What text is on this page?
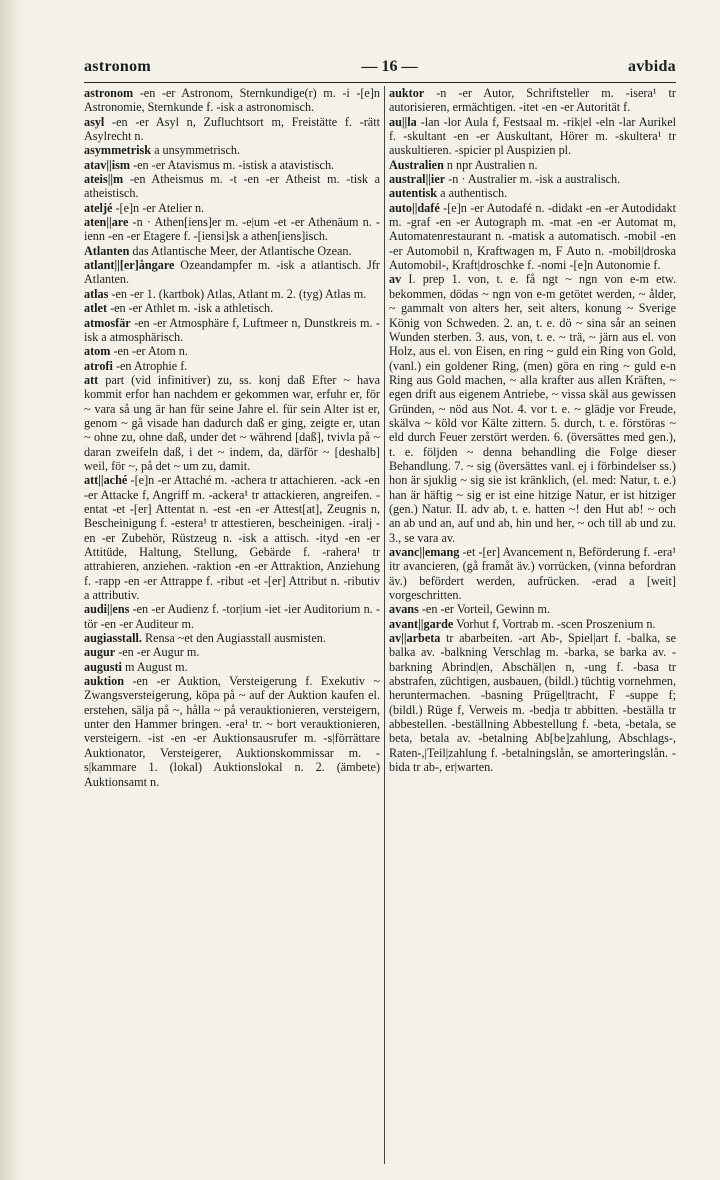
astronom	— 16 —	avbida

astronom -en -er Astronom, Sternkundige(r) m. -i -[e]n Astronomie, Sternkunde f. -isk a astronomisch.

asyl -en -er Asyl n, Zufluchtsort m, Freistätte f. -rätt Asylrecht n.

asymmetrisk a unsymmetrisch.

atav||ism -en -er Atavismus m. -istisk a atavistisch.

ateis||m -en Atheismus m. -t -en -er Atheist m. -tisk a atheistisch.

ateljé -[e]n -er Atelier n.

aten||are -n · Athen[iens]er m. -e|um -et -er Athenäum n. -ienn -en -er Etagere f. -[iensi]sk a athen[iens]isch.

Atlanten das Atlantische Meer, der Atlantische Ozean.

atlant||[er]ångare Ozeandampfer m. -isk a atlantisch. Jfr Atlanten.

atlas -en -er 1. (kartbok) Atlas, Atlant m. 2. (tyg) Atlas m.

atlet -en -er Athlet m. -isk a athletisch.

atmosfär -en -er Atmosphäre f, Luftmeer n, Dunstkreis m. -isk a atmosphärisch.

atom -en -er Atom n.

atrofi -en Atrophie f.

att part (vid infinitiver) zu, ss. konj daß Efter ~ hava kommit erfor han nachdem er gekommen war, erfuhr er, för ~ vara så ung är han für seine Jahre el. für sein Alter ist er, genom ~ gå visade han dadurch daß er ging, zeigte er, utan ~ ohne zu, ohne daß, under det ~ während [daß], tvivla på ~ daran zweifeln daß, i det ~ indem, da, därför ~ [deshalb] weil, för ~, på det ~ um zu, damit.

att||aché -[e]n -er Attaché m. -achera tr attachieren. -ack -en -er Attacke f, Angriff m. -ackera¹ tr attackieren, angreifen. -entat -et -[er] Attentat n. -est -en -er Attest[at], Zeugnis n, Bescheinigung f. -estera¹ tr attestieren, bescheinigen. -iralj -en -er Zubehör, Rüstzeug n. -isk a attisch. -ityd -en -er Attitüde, Haltung, Stellung, Gebärde f. -rahera¹ tr attrahieren, anziehen. -raktion -en -er Attraktion, Anziehung f. -rapp -en -er Attrappe f. -ribut -et -[er] Attribut n. -ributiv a attributiv.

audi||ens -en -er Audienz f. -tor|ium -iet -ier Auditorium n. -tör -en -er Auditeur m.

augiasstall. Rensa ~et den Augiasstall ausmisten.

augur -en -er Augur m.

augusti m August m.

auktion -en -er Auktion, Versteigerung f. Exekutiv ~ Zwangsversteigerung, köpa på ~ auf der Auktion kaufen el. erstehen, sälja på ~, hålla ~ på verauktionieren, versteigern, unter den Hammer bringen. -era¹ tr. ~ bort verauktionieren, versteigern. -ist -en -er Auktionsausrufer m. -s|förrättare Auktionator, Versteigerer, Auktionskommissar m. -s|kammare 1. (lokal) Auktionslokal n. 2. (ämbete) Auktionsamt n.

auktor -n -er Autor, Schriftsteller m. -isera¹ tr autorisieren, ermächtigen. -itet -en -er Autorität f.

au||la -lan -lor Aula f, Festsaal m. -rik|el -eln -lar Aurikel f. -skultant -en -er Auskultant, Hörer m. -skultera¹ tr auskultieren. -spicier pl Auspizien pl.

Australien n npr Australien n.

austral||ier -n · Australier m. -isk a australisch.

autentisk a authentisch.

auto||dafé -[e]n -er Autodafé n. -didakt -en -er Autodidakt m. -graf -en -er Autograph m. -mat -en -er Automat m, Automatenrestaurant n. -matisk a automatisch. -mobil -en -er Automobil n, Kraftwagen m, F Auto n. -mobil|droska Automobil-, Kraft|droschke f. -nomi -[e]n Autonomie f.

av I. prep 1. von, t. e. få ngt ~ ngn von e-m etw. bekommen, dödas ~ ngn von e-m getötet werden, ~ ålder, ~ gammalt von alters her, seit alters, konung ~ Sverige König von Schweden. 2. an, t. e. dö ~ sina sår an seinen Wunden sterben. 3. aus, von, t. e. ~ trä, ~ järn aus el. von Holz, aus el. von Eisen, en ring ~ guld ein Ring von Gold, (vanl.) ein goldener Ring, (men) göra en ring ~ guld e-n Ring aus Gold machen, ~ alla krafter aus allen Kräften, ~ egen drift aus eigenem Antriebe, ~ vissa skäl aus gewissen Gründen, ~ nöd aus Not. 4. vor t. e. ~ glädje vor Freude, skälva ~ köld vor Kälte zittern. 5. durch, t. e. förstöras ~ eld durch Feuer zerstört werden. 6. (översättes med gen.), t. e. följden ~ denna behandling die Folge dieser Behandlung. 7. ~ sig (översättes vanl. ej i förbindelser ss.) hon är sjuklig ~ sig sie ist kränklich, (el. med: Natur, t. e.) han är häftig ~ sig er ist eine hitzige Natur, er ist hitziger (gen.) Natur. II. adv ab, t. e. hatten ~! den Hut ab! ~ och an ab und an, auf und ab, hin und her, ~ och till ab und zu. 3., se vara av.

avanc||emang -et -[er] Avancement n, Beförderung f. -era¹ itr avancieren, (gå framåt äv.) vorrücken, (vinna befordran äv.) befördert werden, aufrücken. -erad a [weit] vorgeschritten.

avans -en -er Vorteil, Gewinn m.

avant||garde Vorhut f, Vortrab m. -scen Proszenium n.

av||arbeta tr abarbeiten. -art Ab-, Spiel|art f. -balka, se balka av. -balkning Verschlag m. -barka, se barka av. -barkning Abrind|en, Abschäl|en n, -ung f. -basa tr abstrafen, züchtigen, ausbauen, (bildl.) tüchtig vornehmen, heruntermachen. -basning Prügel|tracht, F -suppe f; (bildl.) Rüge f, Verweis m. -bedja tr abbitten. -beställa tr abbestellen. -beställning Abbestellung f. -beta, -betala, se beta, betala av. -betalning Ab[be]zahlung, Abschlags-, Raten-,|Teil|zahlung f. -betalningslån, se amorteringslån. -bida tr ab-, er|warten.
